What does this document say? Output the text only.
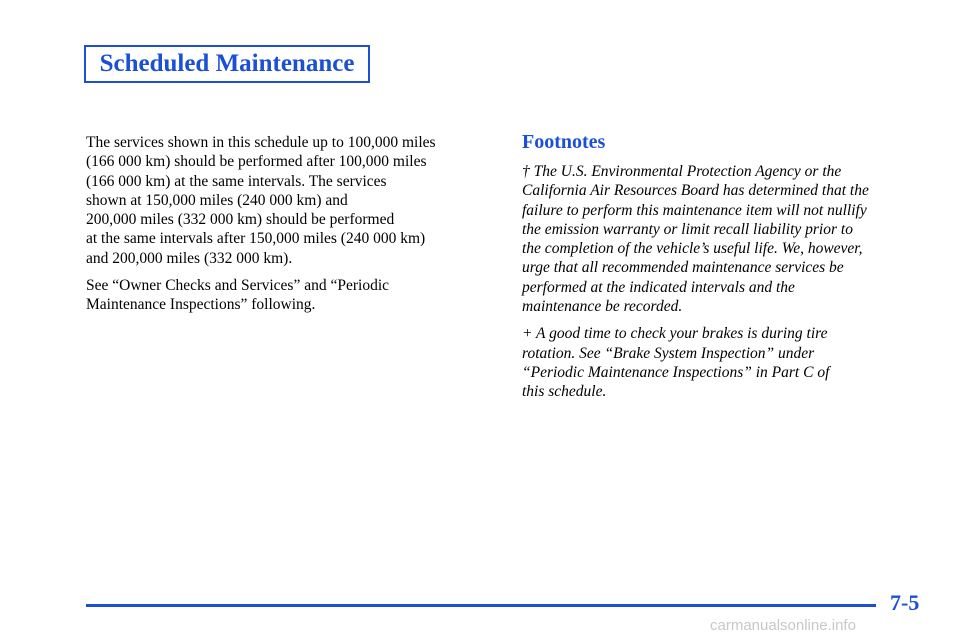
Scheduled Maintenance

The services shown in this schedule up to 100,000 miles
(166 000 km) should be performed after 100,000 miles
(166 000 km) at the same intervals. The services
shown at 150,000 miles (240 000 km) and
200,000 miles (332 000 km) should be performed
at the same intervals after 150,000 miles (240 000 km)
and 200,000 miles (332 000 km).

See “Owner Checks and Services” and “Periodic
Maintenance Inspections” following.

Footnotes

† The U.S. Environmental Protection Agency or the
California Air Resources Board has determined that the
failure to perform this maintenance item will not nullify
the emission warranty or limit recall liability prior to
the completion of the vehicle’s useful life. We, however,
urge that all recommended maintenance services be
performed at the indicated intervals and the
maintenance be recorded.

+ A good time to check your brakes is during tire
rotation. See “Brake System Inspection” under
“Periodic Maintenance Inspections” in Part C of
this schedule.

7-5
carmanualsonline.info
